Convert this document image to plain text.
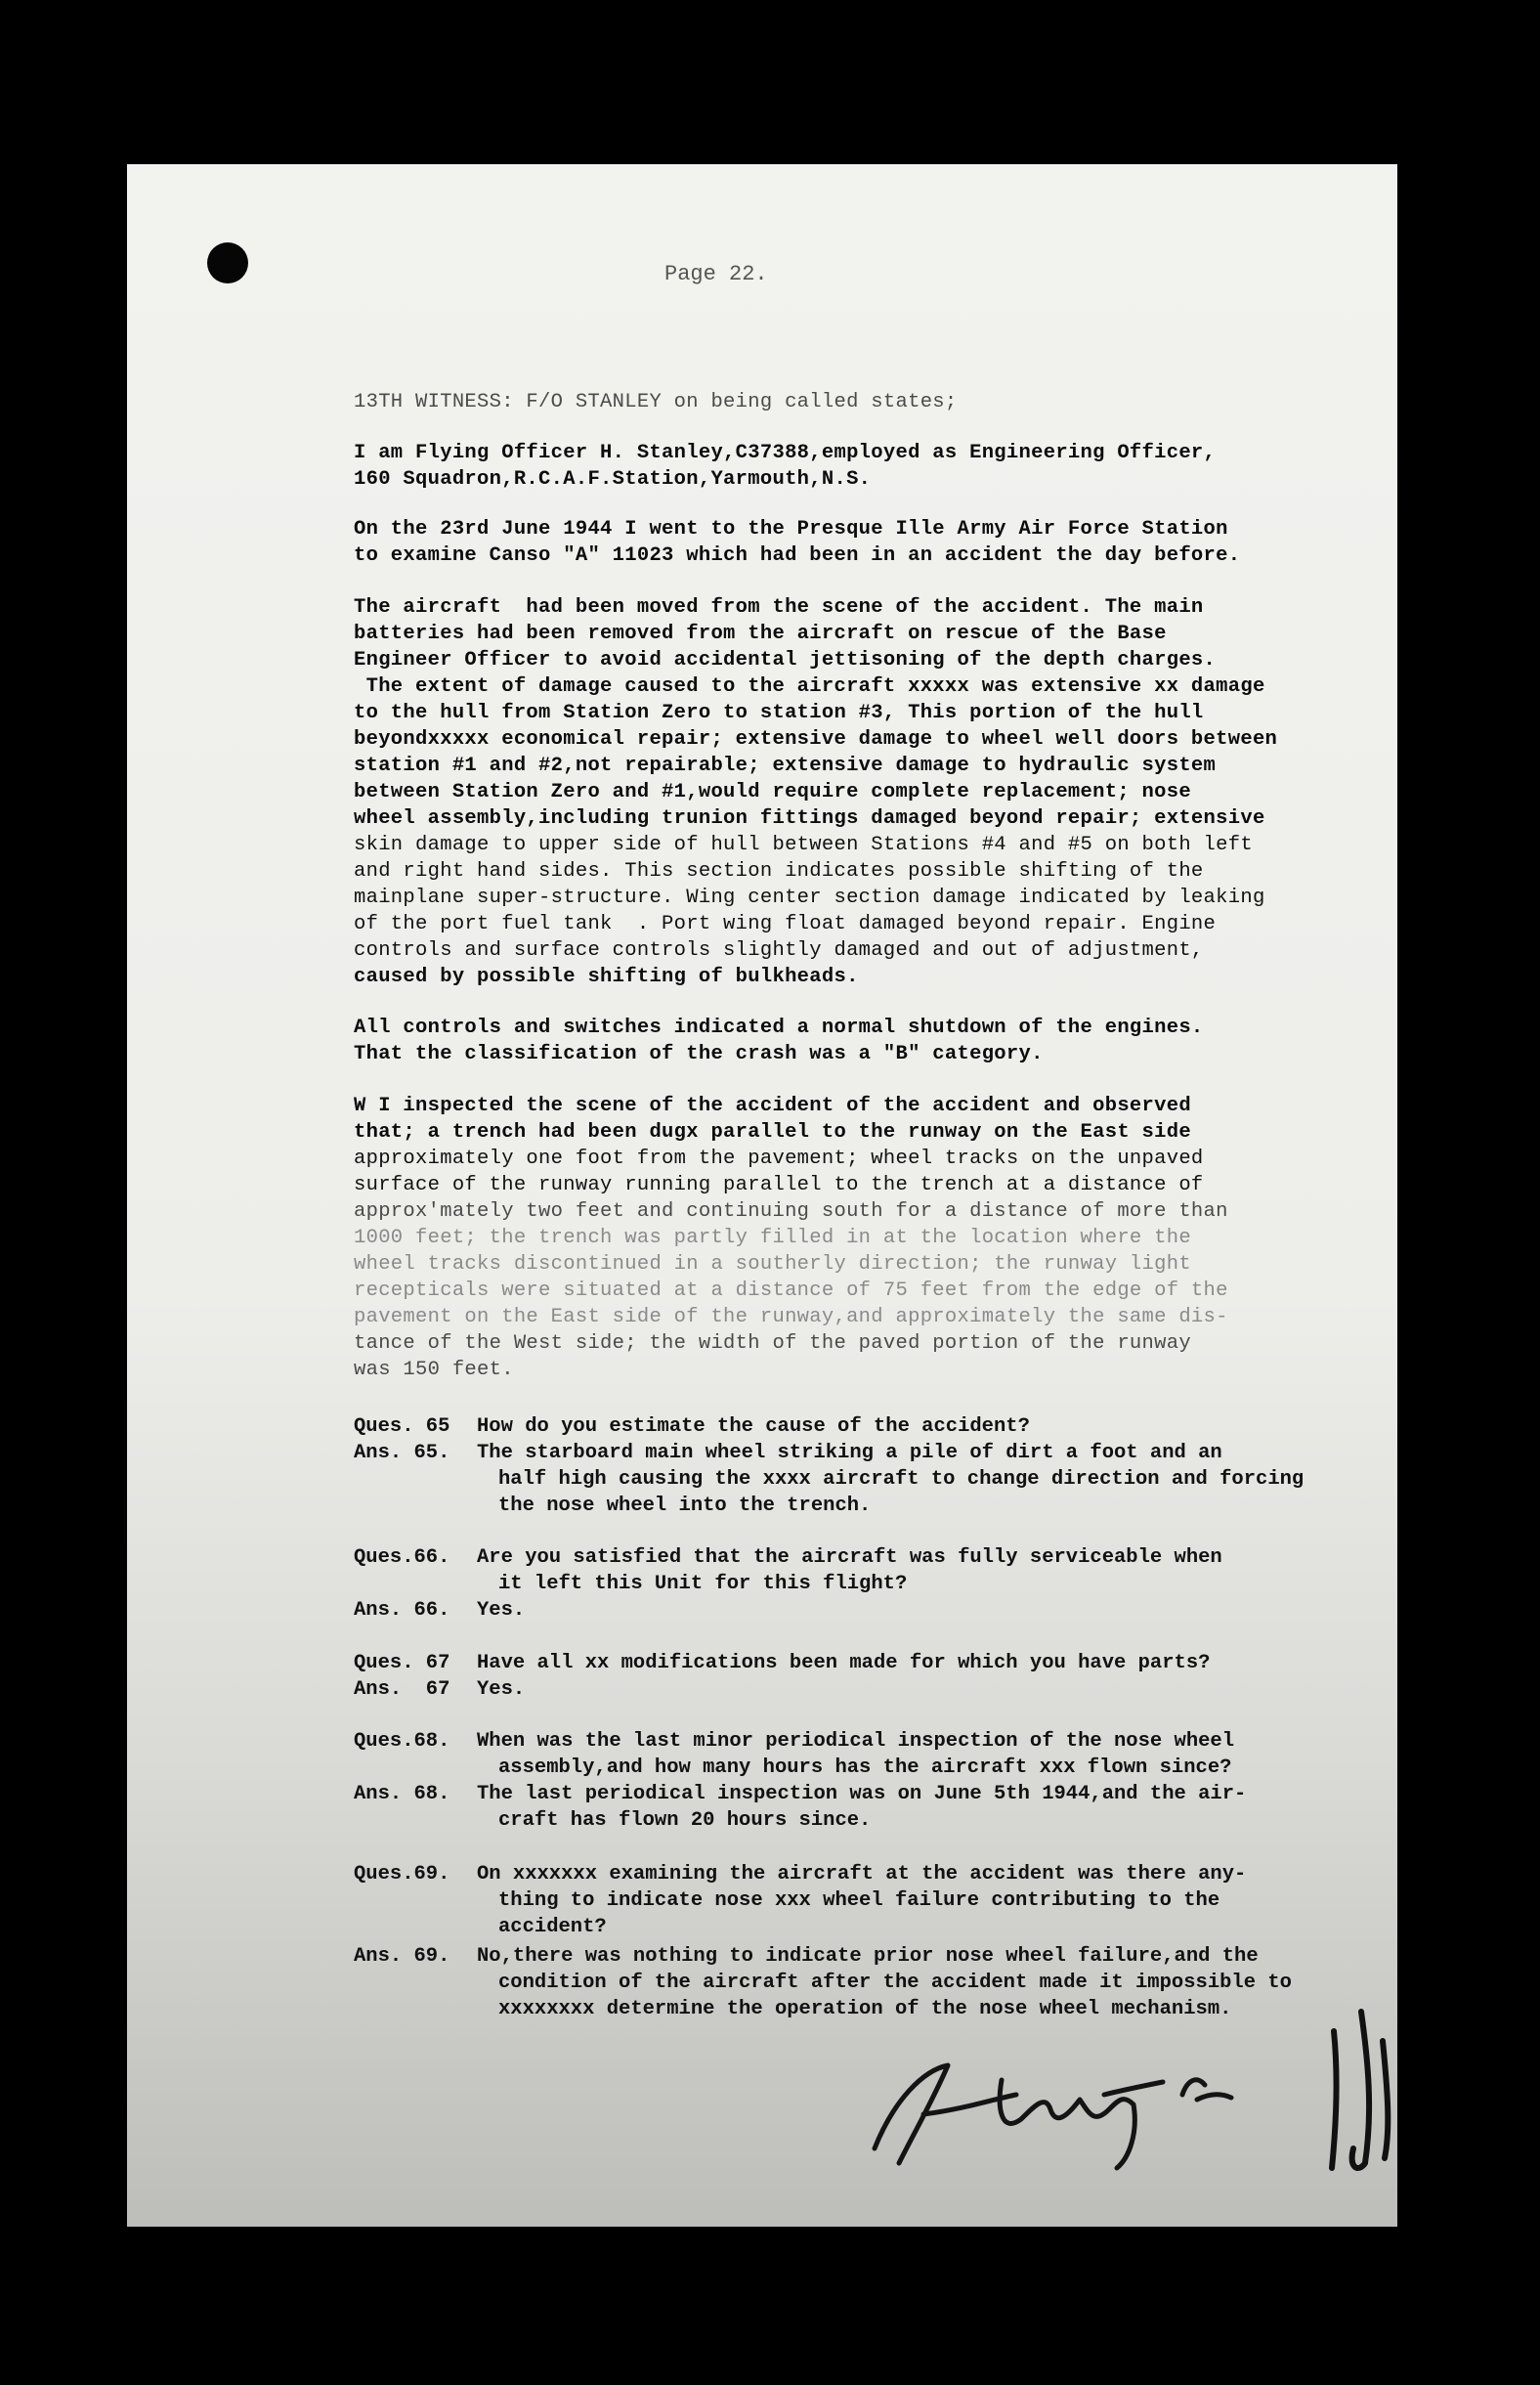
Page 22.
13TH WITNESS: F/O STANLEY on being called states;
I am Flying Officer H. Stanley,C37388,employed as Engineering Officer,
160 Squadron,R.C.A.F.Station,Yarmouth,N.S.
On the 23rd June 1944 I went to the Presque Ille Army Air Force Station
to examine Canso "A" 11023 which had been in an accident the day before.
The aircraft  had been moved from the scene of the accident. The main
batteries had been removed from the aircraft on rescue of the Base
Engineer Officer to avoid accidental jettisoning of the depth charges.
The extent of damage caused to the aircraft xxxxx was extensive xx damage
to the hull from Station Zero to station #3, This portion of the hull
beyondxxxxx economical repair; extensive damage to wheel well doors between
station #1 and #2,not repairable; extensive damage to hydraulic system
between Station Zero and #1,would require complete replacement; nose
wheel assembly,including trunion fittings damaged beyond repair; extensive
skin damage to upper side of hull between Stations #4 and #5 on both left
and right hand sides. This section indicates possible shifting of the
mainplane super-structure. Wing center section damage indicated by leaking
of the port fuel tank  . Port wing float damaged beyond repair. Engine
controls and surface controls slightly damaged and out of adjustment,
caused by possible shifting of bulkheads.
All controls and switches indicated a normal shutdown of the engines.
That the classification of the crash was a "B" category.
W I inspected the scene of the accident of the accident and observed
that; a trench had been dugx parallel to the runway on the East side
approximately one foot from the pavement; wheel tracks on the unpaved
surface of the runway running parallel to the trench at a distance of
approx'mately two feet and continuing south for a distance of more than
1000 feet; the trench was partly filled in at the location where the
wheel tracks discontinued in a southerly direction; the runway light
recepticals were situated at a distance of 75 feet from the edge of the
pavement on the East side of the runway,and approximately the same dis-
tance of the West side; the width of the paved portion of the runway
was 150 feet.
Ques. 65 How do you estimate the cause of the accident?
Ans. 65. The starboard main wheel striking a pile of dirt a foot and an
half high causing the xxxx aircraft to change direction and forcing
the nose wheel into the trench.
Ques.66. Are you satisfied that the aircraft was fully serviceable when
it left this Unit for this flight?
Ans. 66. Yes.
Ques. 67 Have all xx modifications been made for which you have parts?
Ans.  67 Yes.
Ques.68. When was the last minor periodical inspection of the nose wheel
assembly,and how many hours has the aircraft xxx flown since?
Ans. 68. The last periodical inspection was on June 5th 1944,and the air-
craft has flown 20 hours since.
Ques.69. On xxxxxxx examining the aircraft at the accident was there any-
thing to indicate nose xxx wheel failure contributing to the
accident?
Ans. 69. No,there was nothing to indicate prior nose wheel failure,and the
condition of the aircraft after the accident made it impossible to
xxxxxxxx determine the operation of the nose wheel mechanism.
